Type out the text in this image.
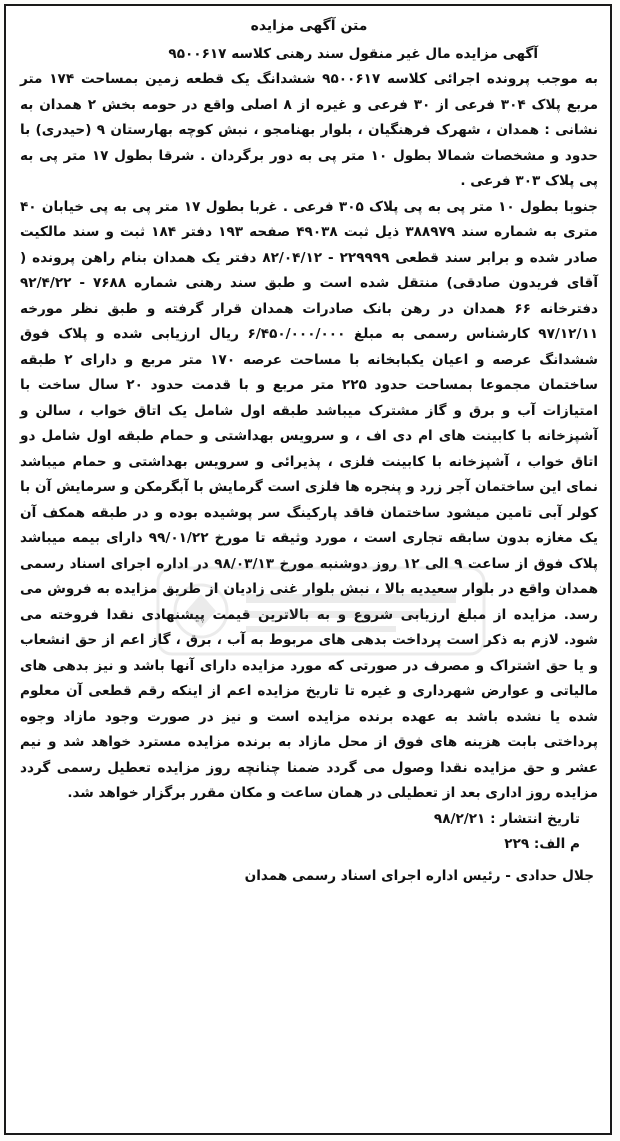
متن آگهی مزایده

آگهی مزایده مال غیر منقول سند رهنی کلاسه ۹۵۰۰۶۱۷

به موجب پرونده اجرائی کلاسه ۹۵۰۰۶۱۷ ششدانگ یک قطعه زمین بمساحت ۱۷۴ متر مربع پلاک ۳۰۴ فرعی از ۳۰ فرعی و غیره از ۸ اصلی واقع در حومه بخش ۲ همدان به نشانی : همدان ، شهرک فرهنگیان ، بلوار بهنامجو ، نبش کوچه بهارستان ۹ (حیدری) با حدود و مشخصات شمالا بطول ۱۰ متر پی به دور برگردان . شرقا بطول ۱۷ متر پی به پی پلاک ۳۰۳ فرعی .

جنوبا بطول ۱۰ متر پی به پی پلاک ۳۰۵ فرعی . غربا بطول ۱۷ متر پی به پی خیابان ۴۰ متری به شماره سند ۳۸۸۹۷۹ ذیل ثبت ۴۹۰۳۸ صفحه ۱۹۳ دفتر ۱۸۴ ثبت و سند مالکیت صادر شده و برابر سند قطعی ۲۲۹۹۹۹ - ۸۲/۰۴/۱۲ دفتر یک همدان بنام راهن پرونده ( آقای فریدون صادقی) منتقل شده است و طبق سند رهنی شماره ۷۶۸۸ - ۹۲/۴/۲۲ دفترخانه ۶۶ همدان در رهن بانک صادرات همدان قرار گرفته و طبق نظر مورخه ۹۷/۱۲/۱۱ کارشناس رسمی به مبلغ ۶/۴۵۰/۰۰۰/۰۰۰ ریال ارزیابی شده و پلاک فوق ششدانگ عرصه و اعیان یکبابخانه با مساحت عرصه ۱۷۰ متر مربع و دارای ۲ طبقه ساختمان مجموعا بمساحت حدود ۲۲۵ متر مربع و با قدمت حدود ۲۰ سال ساخت با امتیازات آب و برق و گاز مشترک میباشد طبقه اول شامل یک اتاق خواب ، سالن و آشپزخانه با کابینت های ام دی اف ، و سرویس بهداشتی و حمام طبقه اول شامل دو اتاق خواب ، آشپزخانه با کابینت فلزی ، پذیرائی و سرویس بهداشتی و حمام میباشد نمای این ساختمان آجر زرد و پنجره ها فلزی است گرمایش با آبگرمکن و سرمایش آن با کولر آبی تامین میشود ساختمان فاقد پارکینگ سر پوشیده بوده و در طبقه همکف آن یک مغازه بدون سابقه تجاری است ، مورد وثیقه تا مورخ ۹۹/۰۱/۲۲ دارای بیمه میباشد پلاک فوق از ساعت ۹ الی ۱۲ روز دوشنبه مورخ ۹۸/۰۳/۱۳ در اداره اجرای اسناد رسمی همدان واقع در بلوار سعیدیه بالا ، نبش بلوار غنی زادیان از طریق مزایده به فروش می رسد. مزایده از مبلغ ارزیابی شروع و به بالاترین قیمت پیشنهادی نقدا فروخته می شود. لازم به ذکر است پرداخت بدهی های مربوط به آب ، برق ، گاز اعم از حق انشعاب و یا حق اشتراک و مصرف در صورتی که مورد مزایده دارای آنها باشد و نیز بدهی های مالیاتی و عوارض شهرداری و غیره تا تاریخ مزایده اعم از اینکه رقم قطعی آن معلوم شده یا نشده باشد به عهده برنده مزایده است و نیز در صورت وجود مازاد وجوه پرداختی بابت هزینه های فوق از محل مازاد به برنده مزایده مسترد خواهد شد و نیم عشر و حق مزایده نقدا وصول می گردد ضمنا چنانچه روز مزایده تعطیل رسمی گردد مزایده روز اداری بعد از تعطیلی در همان ساعت و مکان مقرر برگزار خواهد شد.

تاریخ انتشار : ۹۸/۲/۲۱

م الف: ۲۲۹

جلال حدادی - رئیس اداره اجرای اسناد رسمی همدان
